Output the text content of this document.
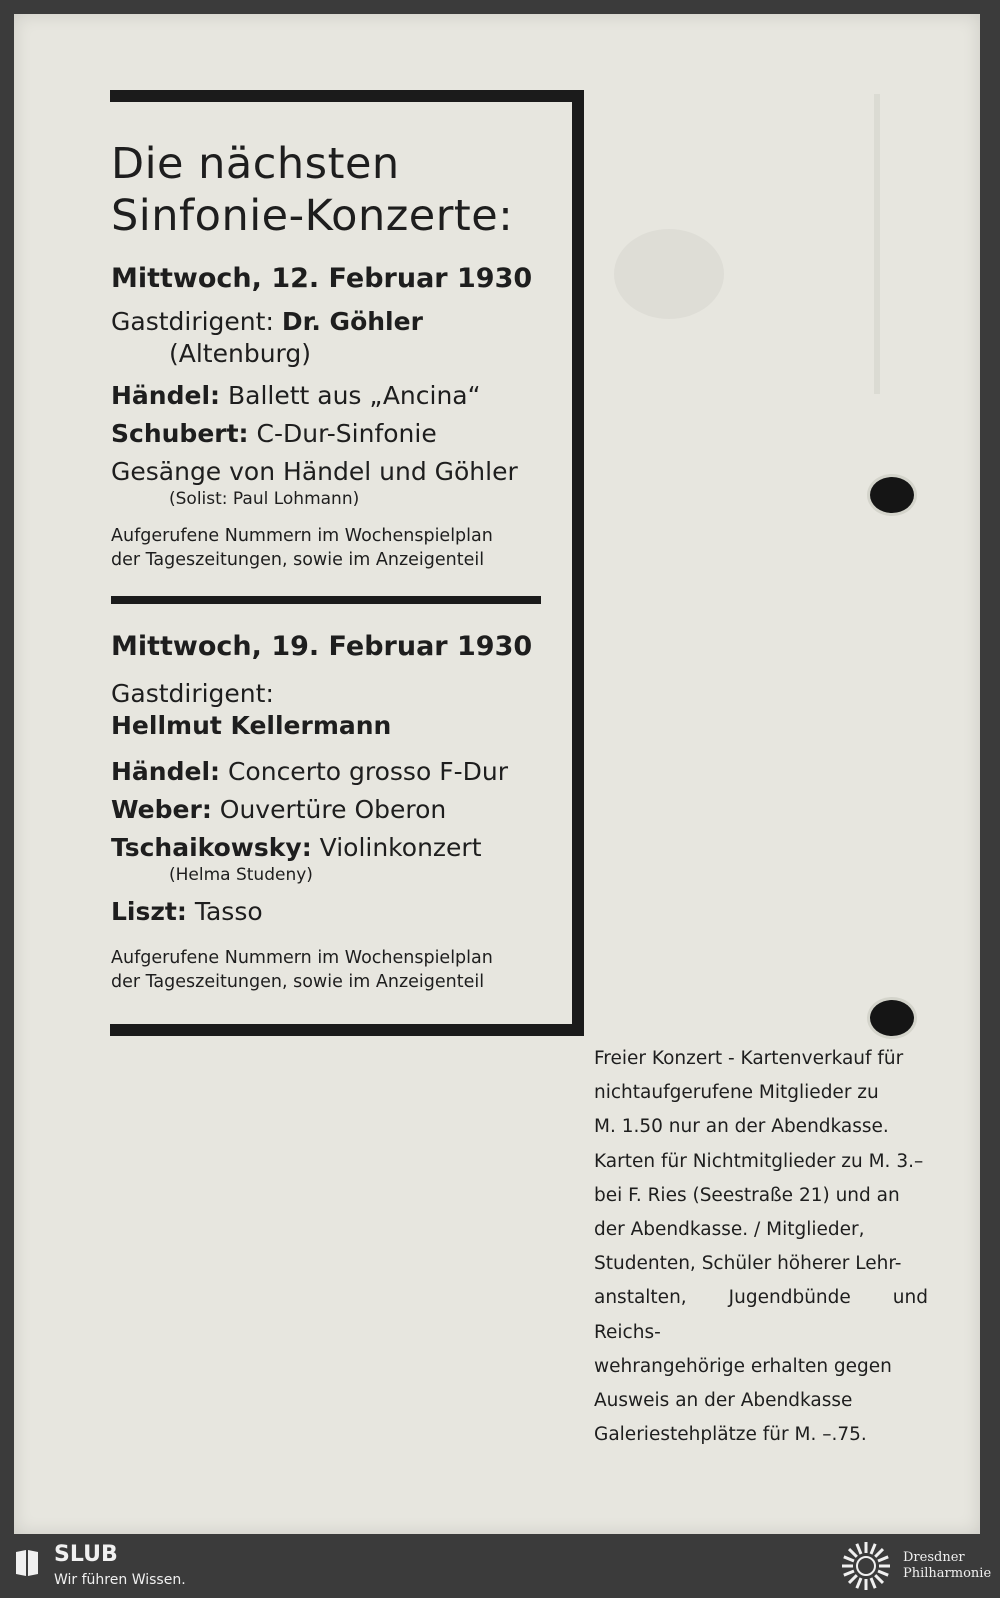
Die nächsten
Sinfonie-Konzerte:
Mittwoch, 12. Februar 1930
Gastdirigent: Dr. Göhler
(Altenburg)
Händel: Ballett aus „Ancina“
Schubert: C-Dur-Sinfonie
Gesänge von Händel und Göhler
(Solist: Paul Lohmann)
Aufgerufene Nummern im Wochenspielplan
der Tageszeitungen, sowie im Anzeigenteil
Mittwoch, 19. Februar 1930
Gastdirigent:
Hellmut Kellermann
Händel: Concerto grosso F-Dur
Weber: Ouvertüre Oberon
Tschaikowsky: Violinkonzert
(Helma Studeny)
Liszt: Tasso
Aufgerufene Nummern im Wochenspielplan
der Tageszeitungen, sowie im Anzeigenteil
Freier Konzert - Kartenverkauf für
nichtaufgerufene Mitglieder zu
M. 1.50 nur an der Abendkasse.
Karten für Nichtmitglieder zu M. 3.–
bei F. Ries (Seestraße 21) und an
der Abendkasse. / Mitglieder,
Studenten, Schüler höherer Lehr-
anstalten, Jugendbünde und Reichs-
wehrangehörige erhalten gegen
Ausweis an der Abendkasse
Galeriestehplätze für M. –.75.
SLUB
Wir führen Wissen.
Dresdner
Philharmonie
